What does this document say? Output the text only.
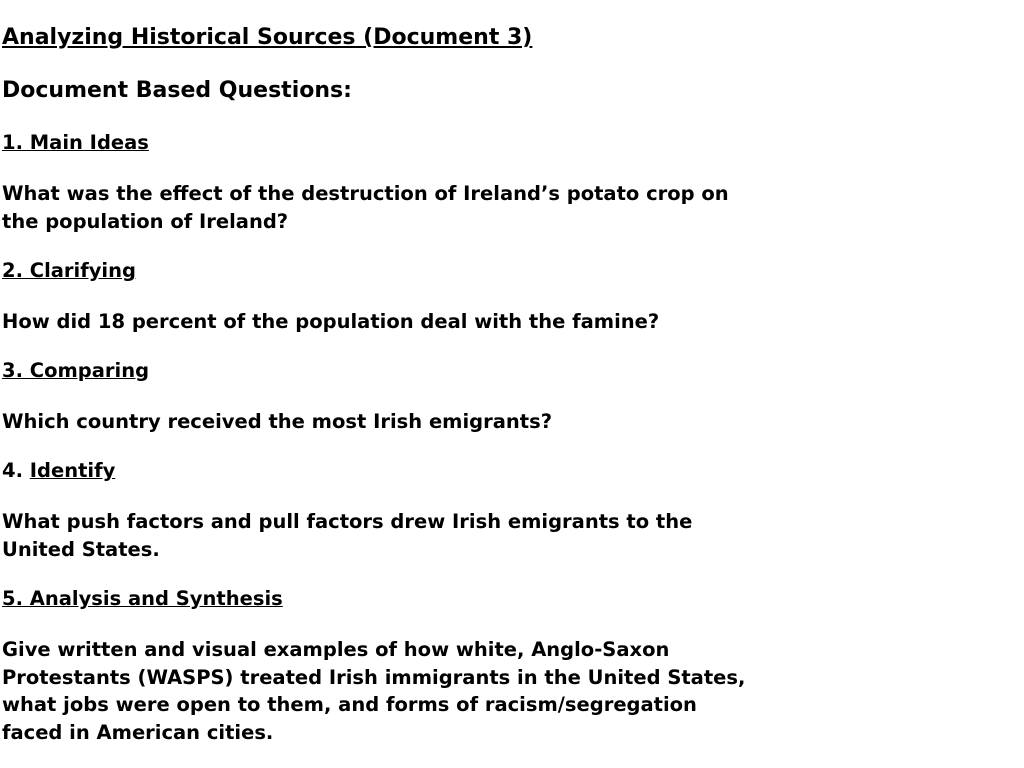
Analyzing Historical Sources (Document 3)
Document Based Questions:
1. Main Ideas
What was the effect of the destruction of Ireland’s potato crop on
the population of Ireland?
2. Clarifying
How did 18 percent of the population deal with the famine?
3. Comparing
Which country received the most Irish emigrants?
4. Identify
What push factors and pull factors drew Irish emigrants to the
United States.
5. Analysis and Synthesis
Give written and visual examples of how white, Anglo-Saxon
Protestants (WASPS) treated Irish immigrants in the United States,
what jobs were open to them, and forms of racism/segregation
faced in American cities.
